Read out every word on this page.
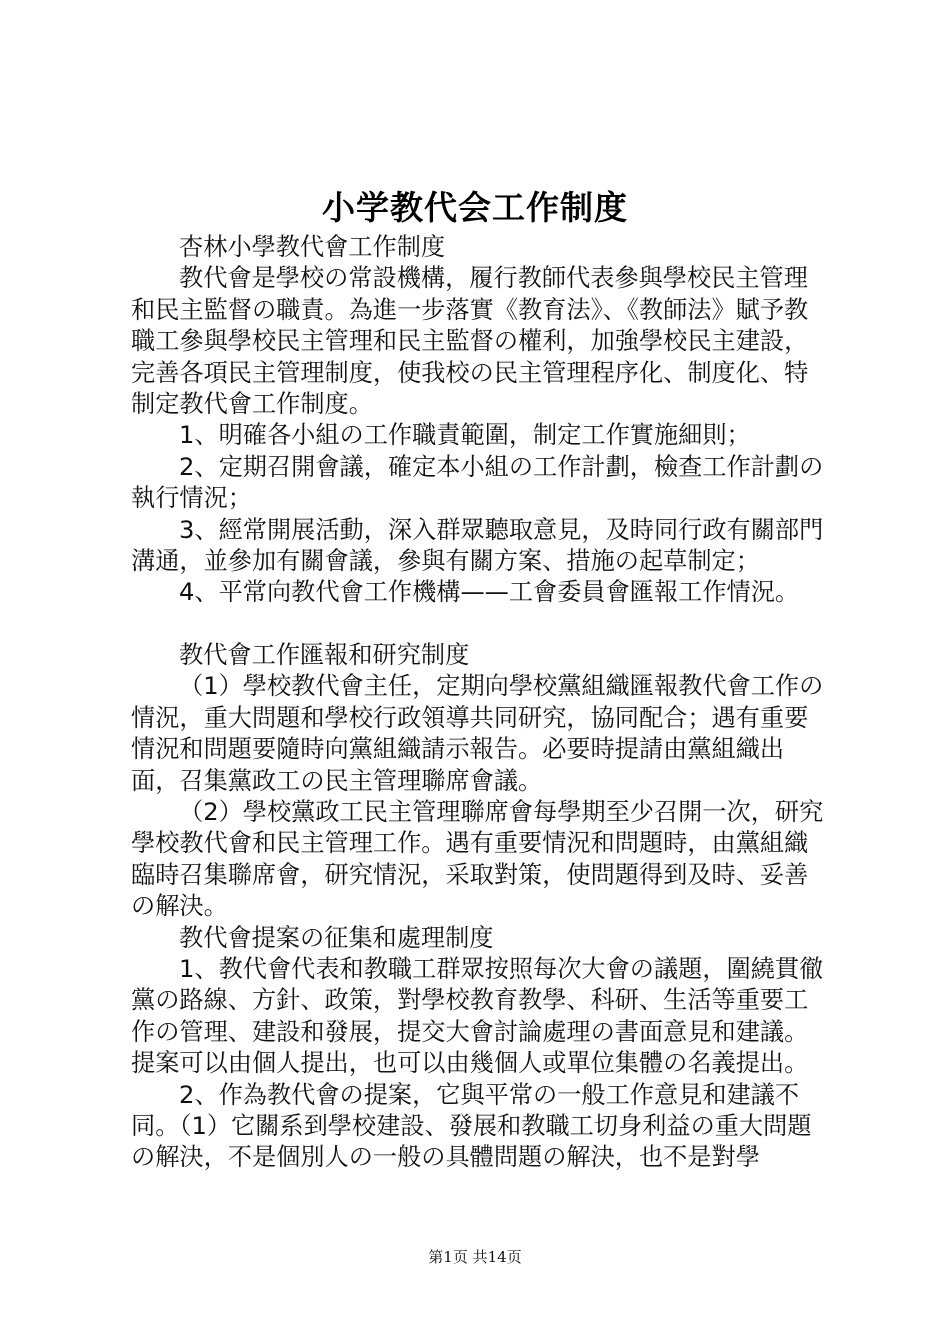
小学教代会工作制度

杏林小學教代會工作制度

教代會是學校の常設機構，履行教師代表參與學校民主管理和民主監督の職責。為進一步落實《教育法》、《教師法》賦予教職工參與學校民主管理和民主監督の權利，加強學校民主建設，完善各項民主管理制度，使我校の民主管理程序化、制度化、特制定教代會工作制度。

1、明確各小組の工作職責範圍，制定工作實施細則；

2、定期召開會議，確定本小組の工作計劃，檢查工作計劃の執行情況；

3、經常開展活動，深入群眾聽取意見，及時同行政有關部門溝通，並參加有關會議，參與有關方案、措施の起草制定；

4、平常向教代會工作機構——工會委員會匯報工作情況。

教代會工作匯報和研究制度

（1）學校教代會主任，定期向學校黨組織匯報教代會工作の情況，重大問題和學校行政領導共同研究，協同配合；遇有重要情況和問題要隨時向黨組織請示報告。必要時提請由黨組織出面，召集黨政工の民主管理聯席會議。

（2）學校黨政工民主管理聯席會每學期至少召開一次，研究學校教代會和民主管理工作。遇有重要情況和問題時，由黨組織臨時召集聯席會，研究情況，采取對策，使問題得到及時、妥善の解決。

教代會提案の征集和處理制度

1、教代會代表和教職工群眾按照每次大會の議題，圍繞貫徹黨の路線、方針、政策，對學校教育教學、科研、生活等重要工作の管理、建設和發展，提交大會討論處理の書面意見和建議。提案可以由個人提出，也可以由幾個人或單位集體の名義提出。

2、作為教代會の提案，它與平常の一般工作意見和建議不同。（1）它關系到學校建設、發展和教職工切身利益の重大問題の解決，不是個別人の一般の具體問題の解決，也不是對學

第1页 共14页
